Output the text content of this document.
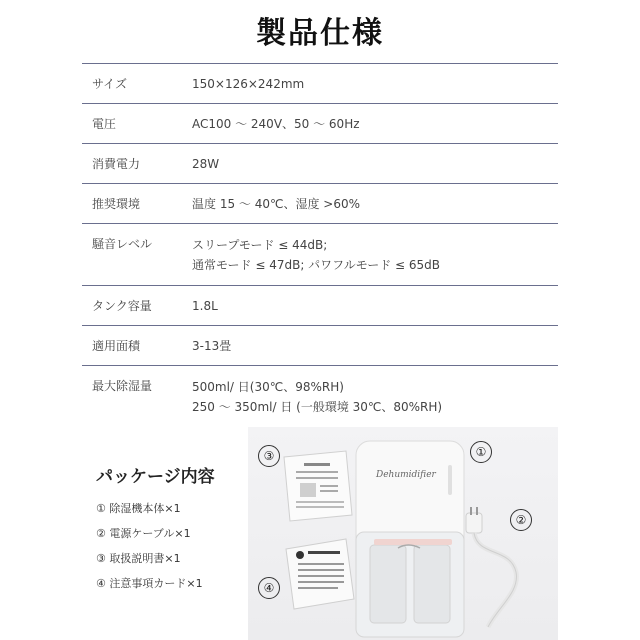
製品仕様
サイズ	150×126×242mm
電圧	AC100 ～ 240V、50 ～ 60Hz
消費電力	28W
推奨環境	温度 15 ～ 40℃、湿度 >60%
騒音レベル	スリープモード ≤ 44dB;
通常モード ≤ 47dB; パワフルモード ≤ 65dB
タンク容量	1.8L
適用面積	3-13畳
最大除湿量	500ml/ 日(30℃、98%RH)
250 ～ 350ml/ 日 (一般環境 30℃、80%RH)
パッケージ内容
① 除湿機本体×1
② 電源ケーブル×1
③ 取扱説明書×1
④ 注意事項カード×1
Dehumidifier
③	①
②
④
